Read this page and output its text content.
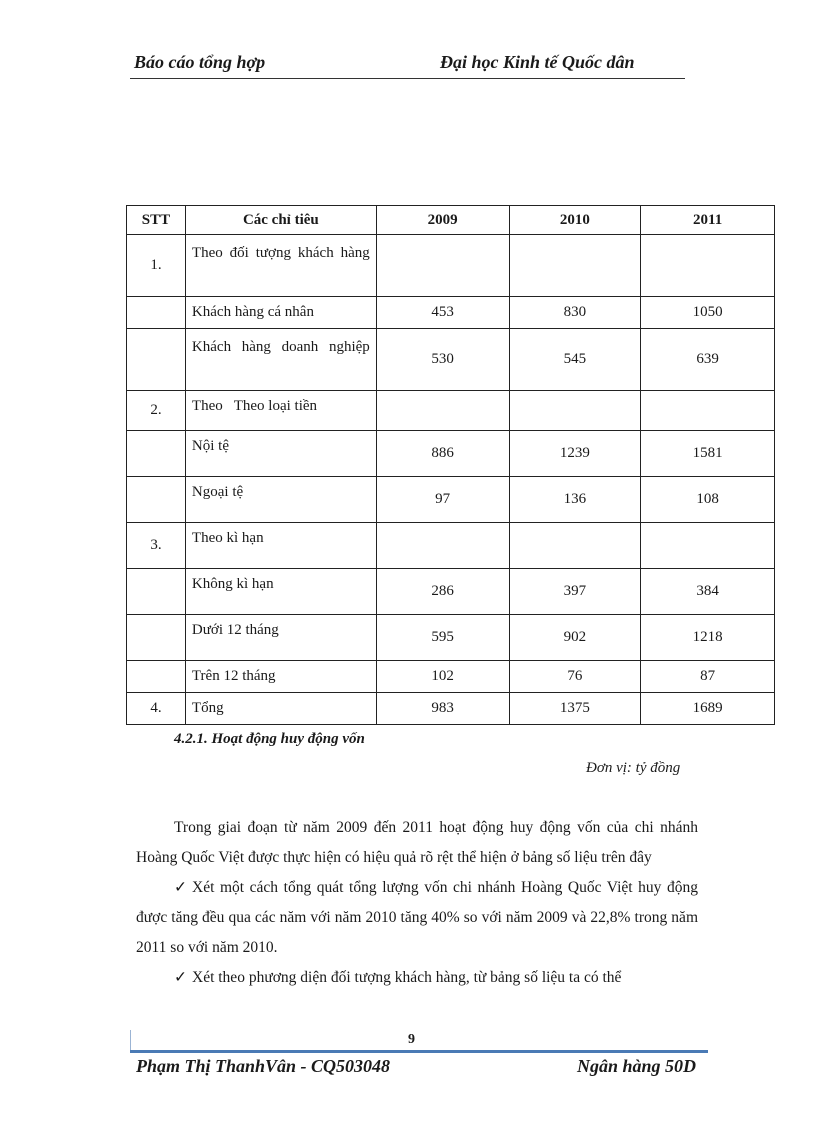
Báo cáo tổng hợp	Đại học Kinh tế Quốc dân
STT	Các chỉ tiêu	2009	2010	2011
1.	Theo đối tượng khách hàng			
	Khách hàng cá nhân	453	830	1050
	Khách hàng doanh nghiệp	530	545	639
2.	Theo   Theo loại tiền			
	Nội tệ	886	1239	1581
	Ngoại tệ	97	136	108
3.	Theo kì hạn			
	Không kì hạn	286	397	384
	Dưới 12 tháng	595	902	1218
	Trên 12 tháng	102	76	87
4.	Tổng	983	1375	1689
4.2.1. Hoạt động huy động vốn
Đơn vị: tỷ đồng

Trong giai đoạn từ năm 2009 đến 2011 hoạt động huy động vốn của chi nhánh Hoàng Quốc Việt được thực hiện có hiệu quả rõ rệt thể hiện ở bảng số liệu trên đây

✓ Xét một cách tổng quát tổng lượng vốn chi nhánh Hoàng Quốc Việt huy động được tăng đều qua các năm với năm 2010 tăng 40% so với năm 2009 và 22,8% trong năm 2011 so với năm 2010.

✓ Xét theo phương diện đối tượng khách hàng, từ bảng số liệu ta có thể

9
Phạm Thị ThanhVân - CQ503048	Ngân hàng 50D
